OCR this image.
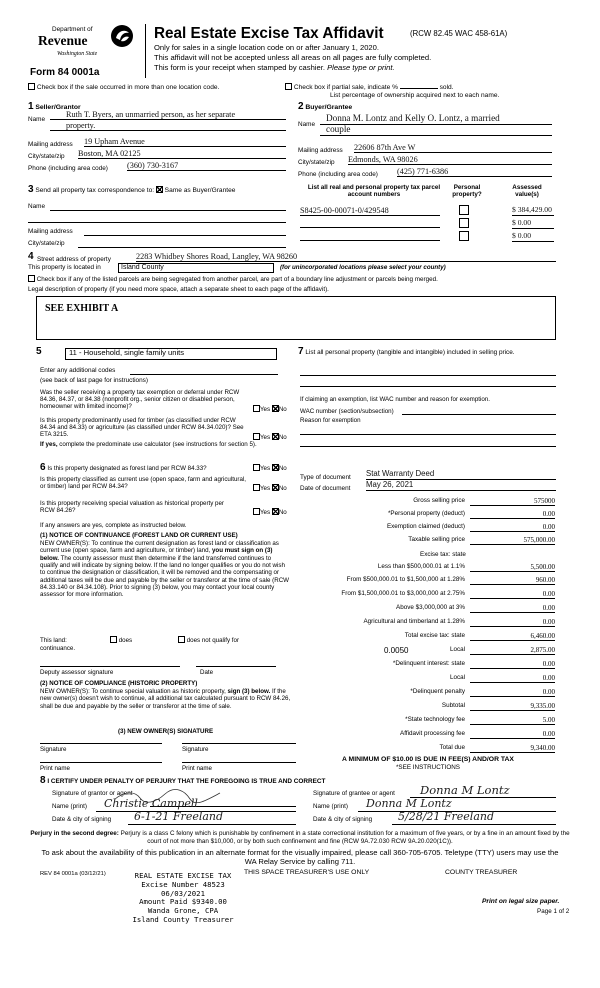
Department of
Revenue
Washington State
Form 84 0001a
Real Estate Excise Tax Affidavit	(RCW 82.45 WAC 458-61A)
Only for sales in a single location code on or after January 1, 2020.
This affidavit will not be accepted unless all areas on all pages are fully completed.
This form is your receipt when stamped by cashier. Please type or print.
Check box if the sale occurred in more than one location code.	Check box if partial sale, indicate %	sold.
List percentage of ownership acquired next to each name.
1 Seller/Grantor
Name
Ruth T. Byers, an unmarried person, as her separate
property.
Mailing address 19 Upham Avenue
City/state/zip Boston, MA 02125
Phone (including area code) (360) 730-3167
2 Buyer/Grantee
Name
Donna M. Lontz and Kelly O. Lontz, a married
couple
Mailing address 22606 87th Ave W
City/state/zip Edmonds, WA 98026
Phone (including area code) (425) 771-6386
3 Send all property tax correspondence to: Same as Buyer/Grantee
Name
Mailing address
City/state/zip
List all real and personal property tax parcel account numbers
Personal property?
Assessed value(s)
S8425-00-00071-0/429548	$ 384,429.00
$ 0.00
$ 0.00
4 Street address of property	2283 Whidbey Shores Road, Langley, WA 98260
This property is located in	Island County	(for unincorporated locations please select your county)
Check box if any of the listed parcels are being segregated from another parcel, are part of a boundary line adjustment or parcels being merged.
Legal description of property (if you need more space, attach a separate sheet to each page of the affidavit).
SEE EXHIBIT A
5	11 - Household, single family units
Enter any additional codes
(see back of last page for instructions)
Was the seller receiving a property tax exemption or deferral under RCW 84.36, 84.37, or 84.38 (nonprofit org., senior citizen or disabled person, homeowner with limited income)?	Yes No
Is this property predominantly used for timber (as classified under RCW 84.34 and 84.33) or agriculture (as classified under RCW 84.34.020)? See ETA 3215.	Yes No
If yes, complete the predominate use calculator (see instructions for section 5).
6 Is this property designated as forest land per RCW 84.33?	Yes No
Is this property classified as current use (open space, farm and agricultural, or timber) land per RCW 84.34?	Yes No
Is this property receiving special valuation as historical property per RCW 84.26?	Yes No
If any answers are yes, complete as instructed below.
(1) NOTICE OF CONTINUANCE (FOREST LAND OR CURRENT USE)
NEW OWNER(S): To continue the current designation as forest land or classification as current use (open space, farm and agriculture, or timber) land, you must sign on (3) below. The county assessor must then determine if the land transferred continues to qualify and will indicate by signing below. If the land no longer qualifies or you do not wish to continue the designation or classification, it will be removed and the compensating or additional taxes will be due and payable by the seller or transferor at the time of sale (RCW 84.33.140 or 84.34.108). Prior to signing (3) below, you may contact your local county assessor for more information.
This land:	does	does not qualify for
continuance.
Deputy assessor signature	Date
(2) NOTICE OF COMPLIANCE (HISTORIC PROPERTY)
NEW OWNER(S): To continue special valuation as historic property, sign (3) below. If the new owner(s) doesn't wish to continue, all additional tax calculated pursuant to RCW 84.26, shall be due and payable by the seller or transferor at the time of sale.
(3) NEW OWNER(S) SIGNATURE
Signature	Signature
Print name	Print name
7 List all personal property (tangible and intangible) included in selling price.
If claiming an exemption, list WAC number and reason for exemption.
WAC number (section/subsection)
Reason for exemption
Type of document Stat Warranty Deed
Date of document May 26, 2021
Gross selling price	575000
*Personal property (deduct)	0.00
Exemption claimed (deduct)	0.00
Taxable selling price	575,000.00
Excise tax: state
Less than $500,000.01 at 1.1%	5,500.00
From $500,000.01 to $1,500,000 at 1.28%	960.00
From $1,500,000.01 to $3,000,000 at 2.75%	0.00
Above $3,000,000 at 3%	0.00
Agricultural and timberland at 1.28%	0.00
Total excise tax: state	6,460.00
0.0050	Local	2,875.00
*Delinquent interest: state	0.00
Local	0.00
*Delinquent penalty	0.00
Subtotal	9,335.00
*State technology fee	5.00
Affidavit processing fee	0.00
Total due	9,340.00
A MINIMUM OF $10.00 IS DUE IN FEE(S) AND/OR TAX
*SEE INSTRUCTIONS
8 I CERTIFY UNDER PENALTY OF PERJURY THAT THE FOREGOING IS TRUE AND CORRECT
Signature of grantor or agent
Name (print)	Christie Campell
Date & city of signing	6-1-21 Freeland
Signature of grantee or agent	Donna M Lontz
Name (print)	Donna M Lontz
Date & city of signing	5/28/21 Freeland
Perjury in the second degree: Perjury is a class C felony which is punishable by confinement in a state correctional institution for a maximum of five years, or by a fine in an amount fixed by the court of not more than $10,000, or by both such confinement and fine (RCW 9A.72.030 RCW 9A.20.020(1C)).
To ask about the availability of this publication in an alternate format for the visually impaired, please call 360-705-6705. Teletype (TTY) users may use the WA Relay Service by calling 711.
REV 84 0001a (03/12/21)	THIS SPACE TREASURER'S USE ONLY	COUNTY TREASURER
REAL ESTATE EXCISE TAX
Excise Number 48523
06/03/2021
Amount Paid $9340.00
Wanda Grone, CPA
Island County Treasurer
Print on legal size paper.
Page 1 of 2
